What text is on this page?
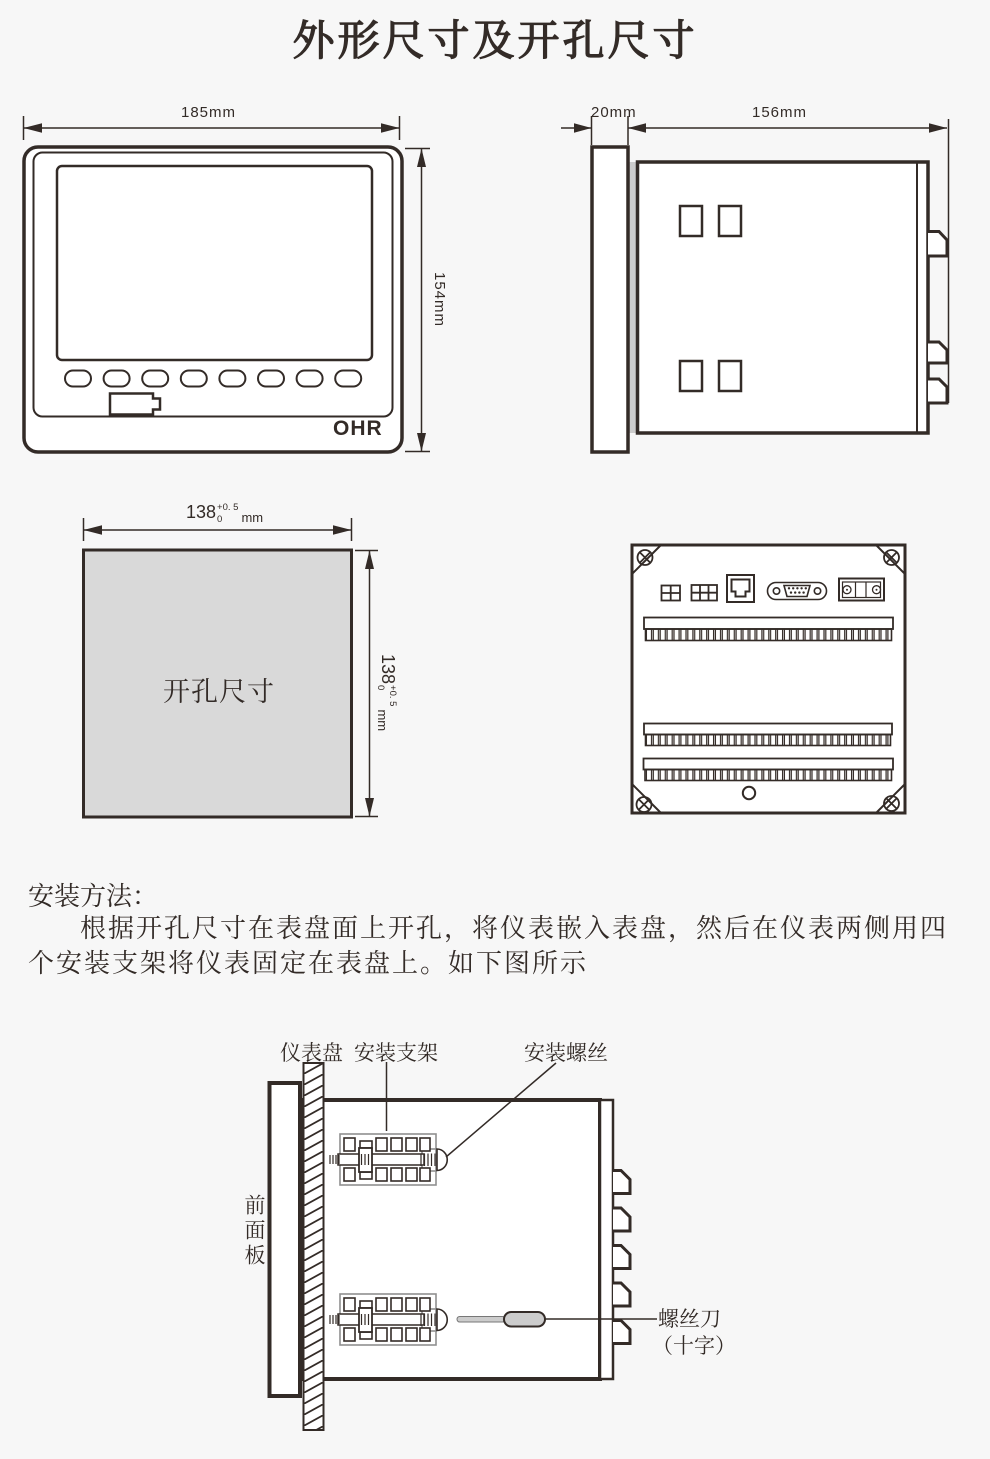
外形尺寸及开孔尺寸
185mm
154mm
OHR
20mm	156mm
138 +0. 5
0	mm
138
+0. 5
0
mm
开孔尺寸
安装方法：
根据开孔尺寸在表盘面上开孔，将仪表嵌入表盘，然后在仪表两侧用四个安装支架将仪表固定在表盘上。如下图所示
仪表盘 安装支架	安装螺丝
前面板
螺丝刀
（十字）
